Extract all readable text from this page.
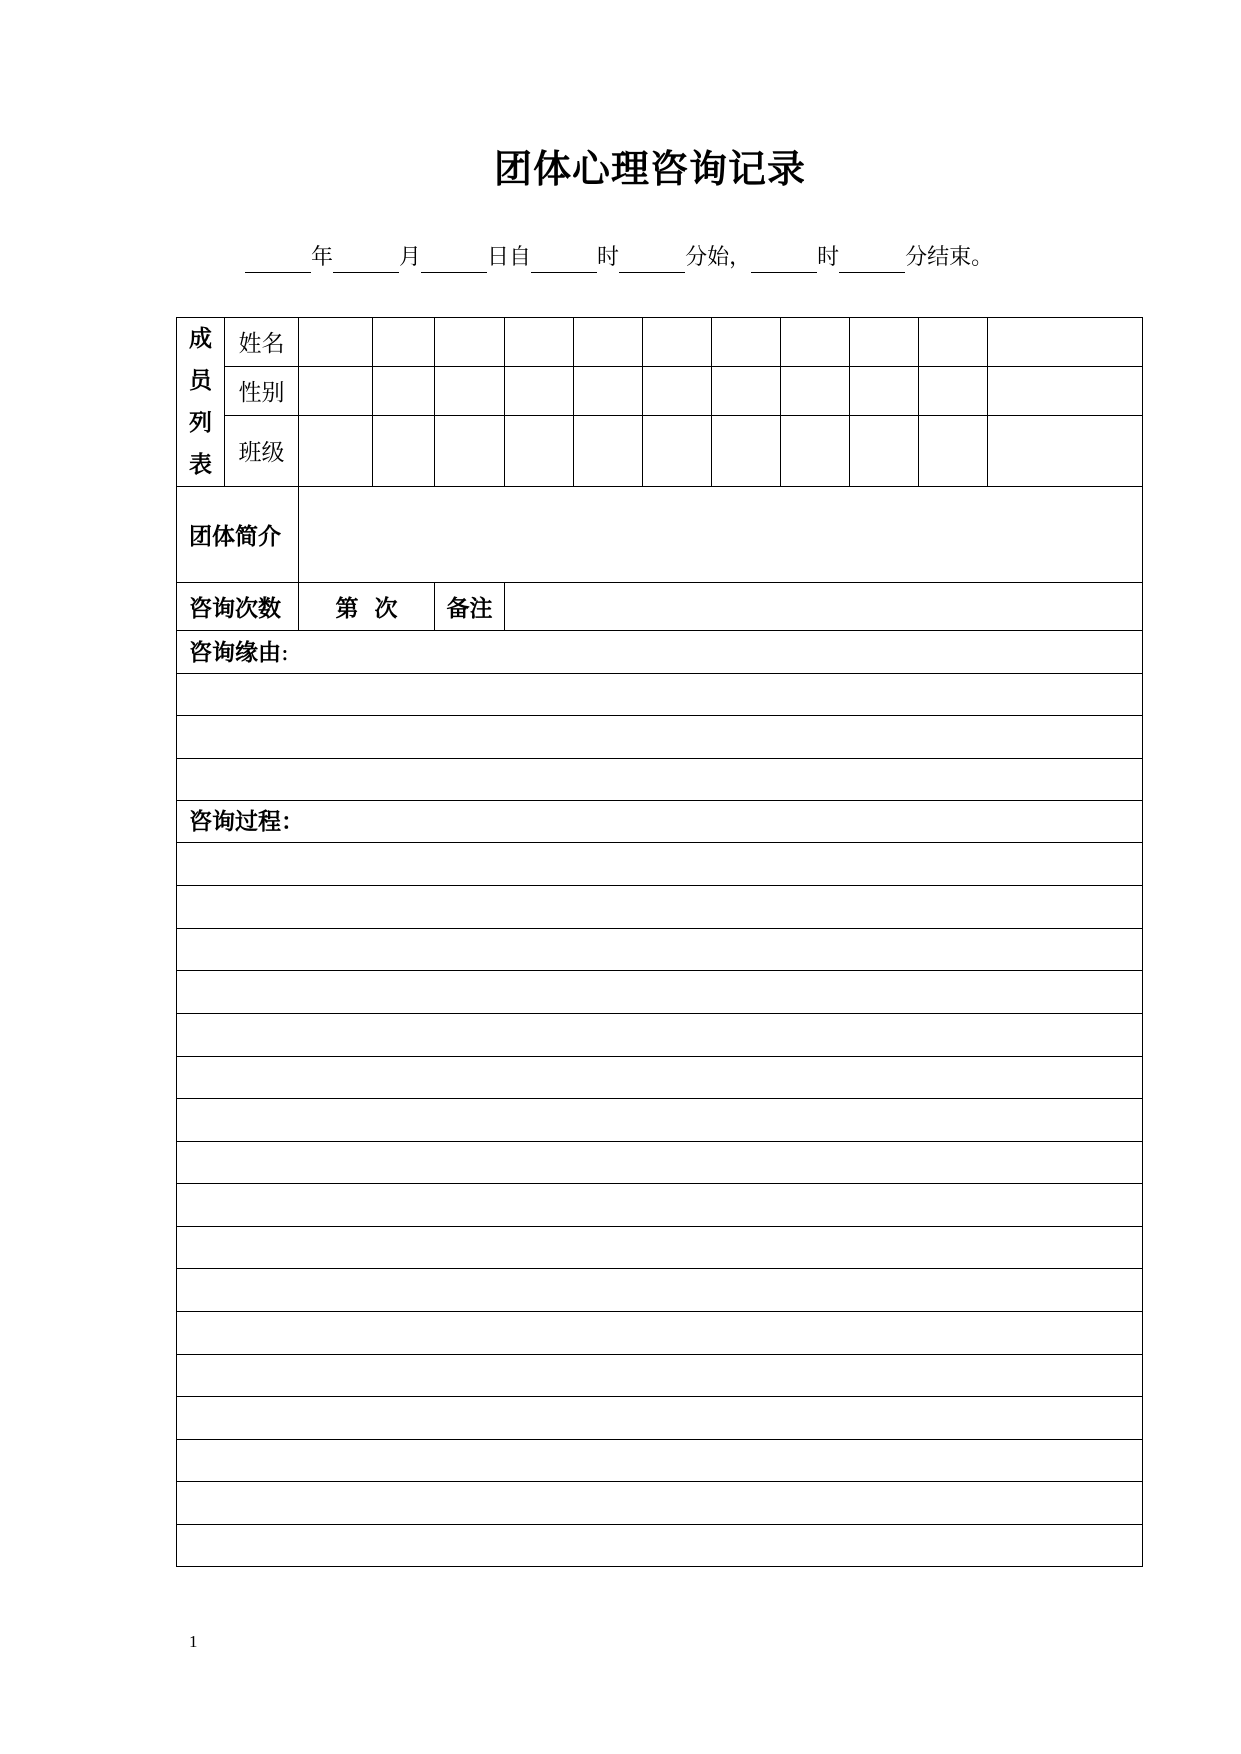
团体心理咨询记录
年	月	日自	时	分始，	时	分结束。
成
员
列
表	姓名											
	性别											
	班级											
团体简介												
咨询次数		第  次		备注								
咨询缘由:												

咨询过程：												

1
